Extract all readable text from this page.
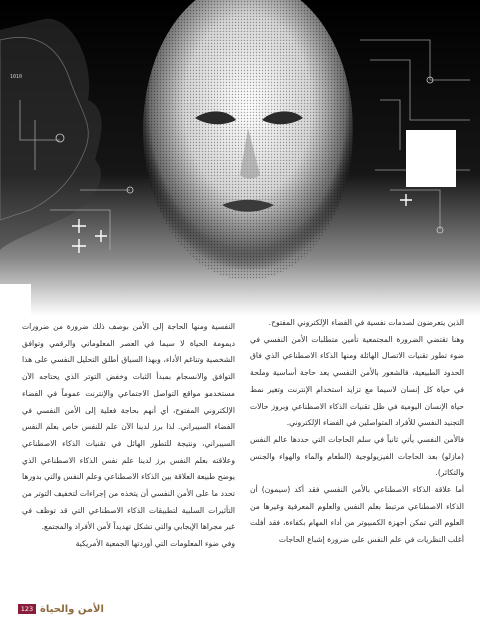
1010

الذين يتعرضون لصدمات نفسية في الفضاء الإلكتروني المفتوح.

وهنا تقتضي الضرورة المجتمعية تأمين متطلبات الأمن النفسي في ضوء تطور تقنيات الاتصال الهائلة ومنها الذكاء الاصطناعي الذي فاق الحدود الطبيعية، فالشعور بالأمن النفسي يعد حاجة أساسية وملحة في حياة كل إنسان لاسيما مع تزايد استخدام الإنترنت وتغير نمط حياة الإنسان اليومية في ظل تقنيات الذكاء الاصطناعي وبروز حالات التجنيد النفسي للأفراد المتواصلين في الفضاء الإلكتروني.

فالأمن النفسي يأتي ثانياً في سلم الحاجات التي حددها عالم النفس (مازلو) بعد الحاجات الفيزيولوجية (الطعام والماء والهواء والجنس والتكاثر).

أما علاقة الذكاء الاصطناعي بالأمن النفسي فقد أكد (سيمون) أن الذكاء الاصطناعي مرتبط بعلم النفس والعلوم المعرفية وغيرها من العلوم التي تمكن أجهزة الكمبيوتر من أداء المهام بكفاءة، فقد أفلت أغلب النظريات في علم النفس على ضرورة إشباع الحاجات

النفسية ومنها الحاجة إلى الأمن بوصف ذلك ضرورة من ضرورات ديمومة الحياة لا سيما في العصر المعلوماتي والرقمي وتوافق الشخصية وتناغم الأداء، وبهذا السياق أطلق التحليل النفسي على هذا التوافق والانسجام بمبدأ الثبات وخفض التوتر الذي يحتاجه الآن مستخدمو مواقع التواصل الاجتماعي والإنترنت عموماً في الفضاء الإلكتروني المفتوح، أي أنهم بحاجة فعلية إلى الأمن النفسي في الفضاء السيبراني. لذا برز لدينا الآن علم للنفس خاص بعلم النفس السيبراني، ونتيجة للتطور الهائل في تقنيات الذكاء الاصطناعي وعلاقته بعلم النفس برز لدينا علم نفس الذكاء الاصطناعي الذي يوضح طبيعة العلاقة بين الذكاء الاصطناعي وعلم النفس والتي بدورها تحدد ما على الأمن النفسي أن يتخذه من إجراءات لتخفيف التوتر من التأثيرات السلبية لتطبيقات الذكاء الاصطناعي التي قد توظف في غير مجراها الإيجابي والتي تشكل تهديداً لأمن الأفراد والمجتمع.

وفي ضوء المعلومات التي أوردتها الجمعية الأمريكية

الأمن والحياة
123
